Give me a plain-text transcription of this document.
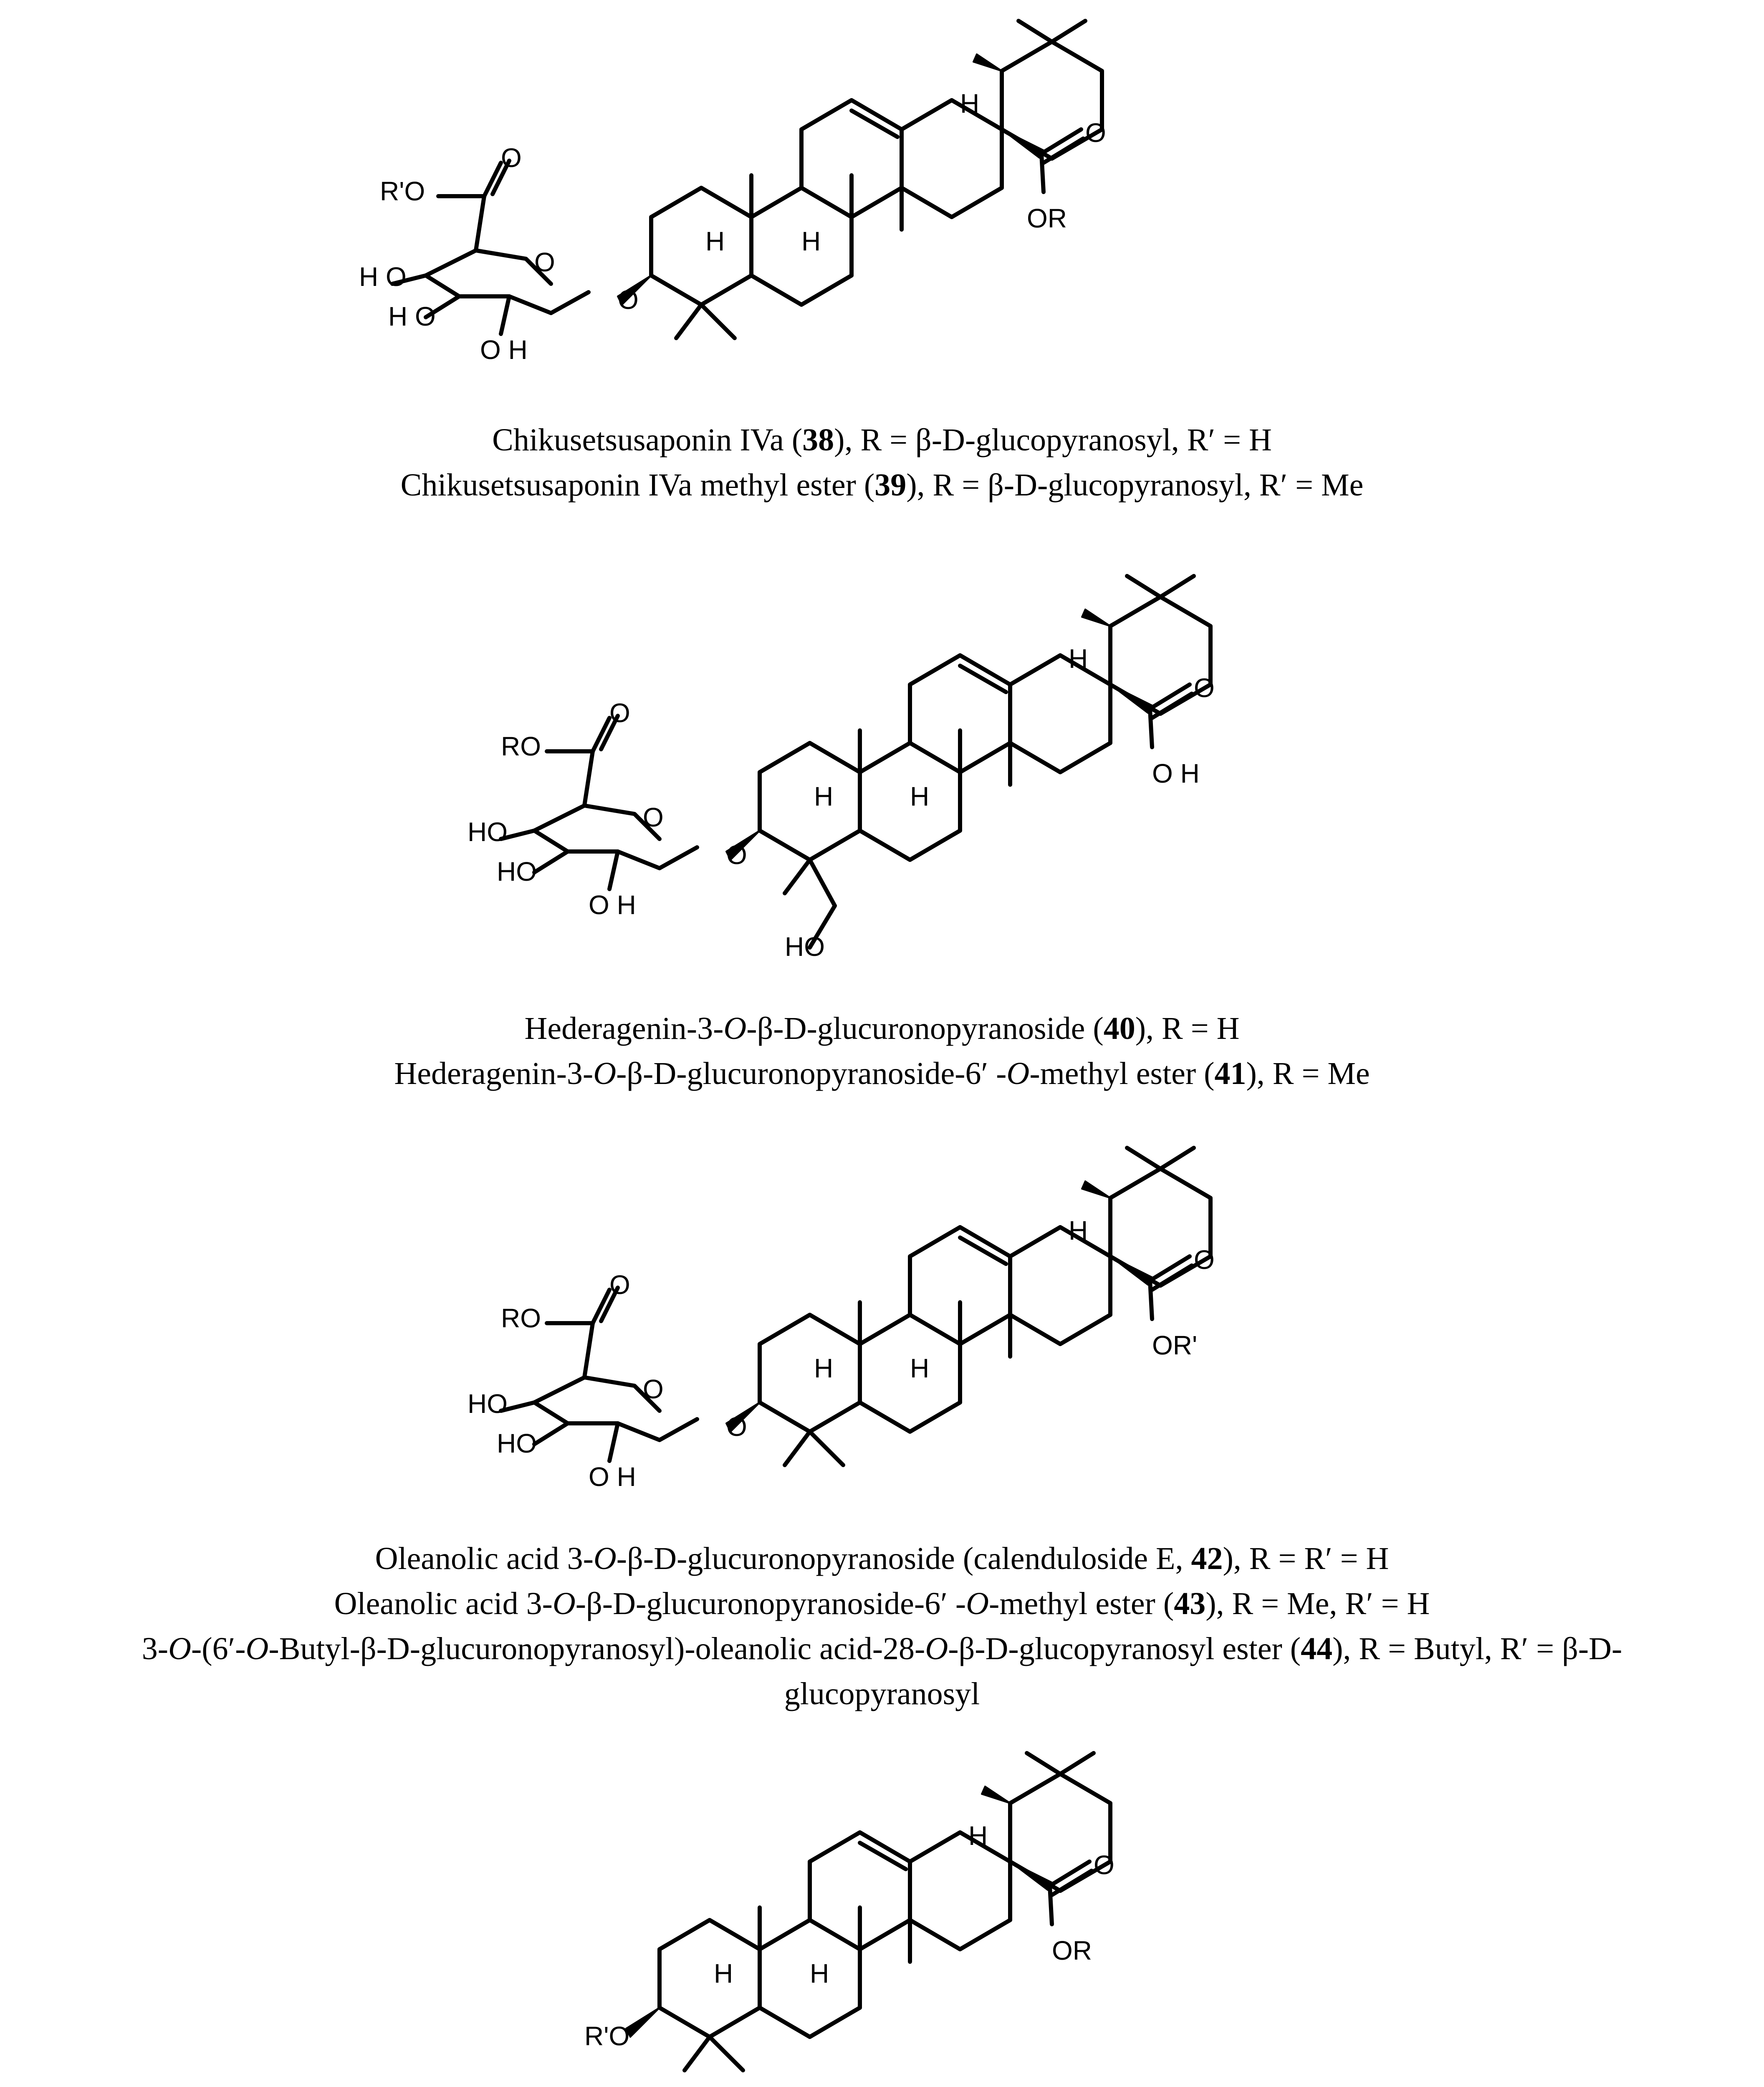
H
O
OR
H
H
O
O
O
R'O
H O
H O
O H

Chikusetsusaponin IVa (38), R = β-D-glucopyranosyl, R′ = H

Chikusetsusaponin IVa methyl ester (39), R = β-D-glucopyranosyl, R′ = Me

H
O
O H
H
H
HO
O
O
O
RO
HO
HO
O H

Hederagenin-3-O-β-D-glucuronopyranoside (40), R = H

Hederagenin-3-O-β-D-glucuronopyranoside-6′ -O-methyl ester (41), R = Me

H
O
OR'
H
H
O
O
O
RO
HO
HO
O H

Oleanolic acid 3-O-β-D-glucuronopyranoside (calenduloside E, 42), R = R′ = H

Oleanolic acid 3-O-β-D-glucuronopyranoside-6′ -O-methyl ester (43), R = Me, R′ = H

3-O-(6′-O-Butyl-β-D-glucuronopyranosyl)-oleanolic acid-28-O-β-D-glucopyranosyl ester (44), R = Butyl, R′ = β-D-

glucopyranosyl

H
O
OR
H
H
R'O
